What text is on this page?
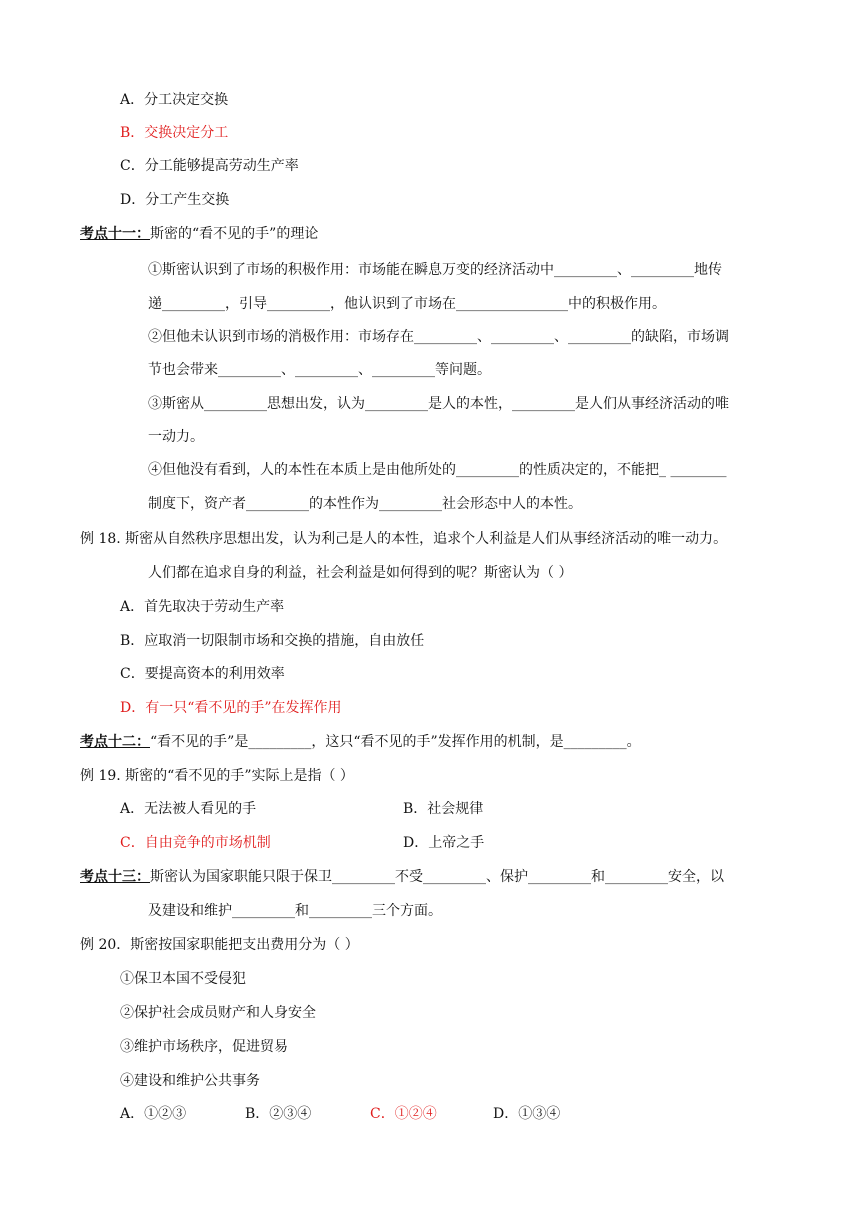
A．分工决定交换
B．交换决定分工
C．分工能够提高劳动生产率
D．分工产生交换
考点十一：斯密的“看不见的手”的理论
①斯密认识到了市场的积极作用：市场能在瞬息万变的经济活动中_________、_________地传
递_________，引导_________，他认识到了市场在________________中的积极作用。
②但他未认识到市场的消极作用：市场存在_________、_________、_________的缺陷，市场调
节也会带来_________、_________、_________等问题。
③斯密从_________思想出发，认为_________是人的本性，_________是人们从事经济活动的唯
一动力。
④但他没有看到，人的本性在本质上是由他所处的_________的性质决定的，不能把_ ________
制度下，资产者_________的本性作为_________社会形态中人的本性。
例 18. 斯密从自然秩序思想出发，认为利己是人的本性，追求个人利益是人们从事经济活动的唯一动力。
人们都在追求自身的利益，社会利益是如何得到的呢？斯密认为（ ）
A．首先取决于劳动生产率
B．应取消一切限制市场和交换的措施，自由放任
C．要提高资本的利用效率
D．有一只“看不见的手”在发挥作用
考点十二：“看不见的手”是_________，这只“看不见的手”发挥作用的机制，是_________。
例 19. 斯密的“看不见的手”实际上是指（ ）
A．无法被人看见的手	B．社会规律
C．自由竞争的市场机制	D．上帝之手
考点十三：斯密认为国家职能只限于保卫_________不受_________、保护_________和_________安全，以
及建设和维护_________和_________三个方面。
例 20．斯密按国家职能把支出费用分为（ ）
①保卫本国不受侵犯
②保护社会成员财产和人身安全
③维护市场秩序，促进贸易
④建设和维护公共事务
A．①②③	B．②③④	C．①②④	D．①③④
